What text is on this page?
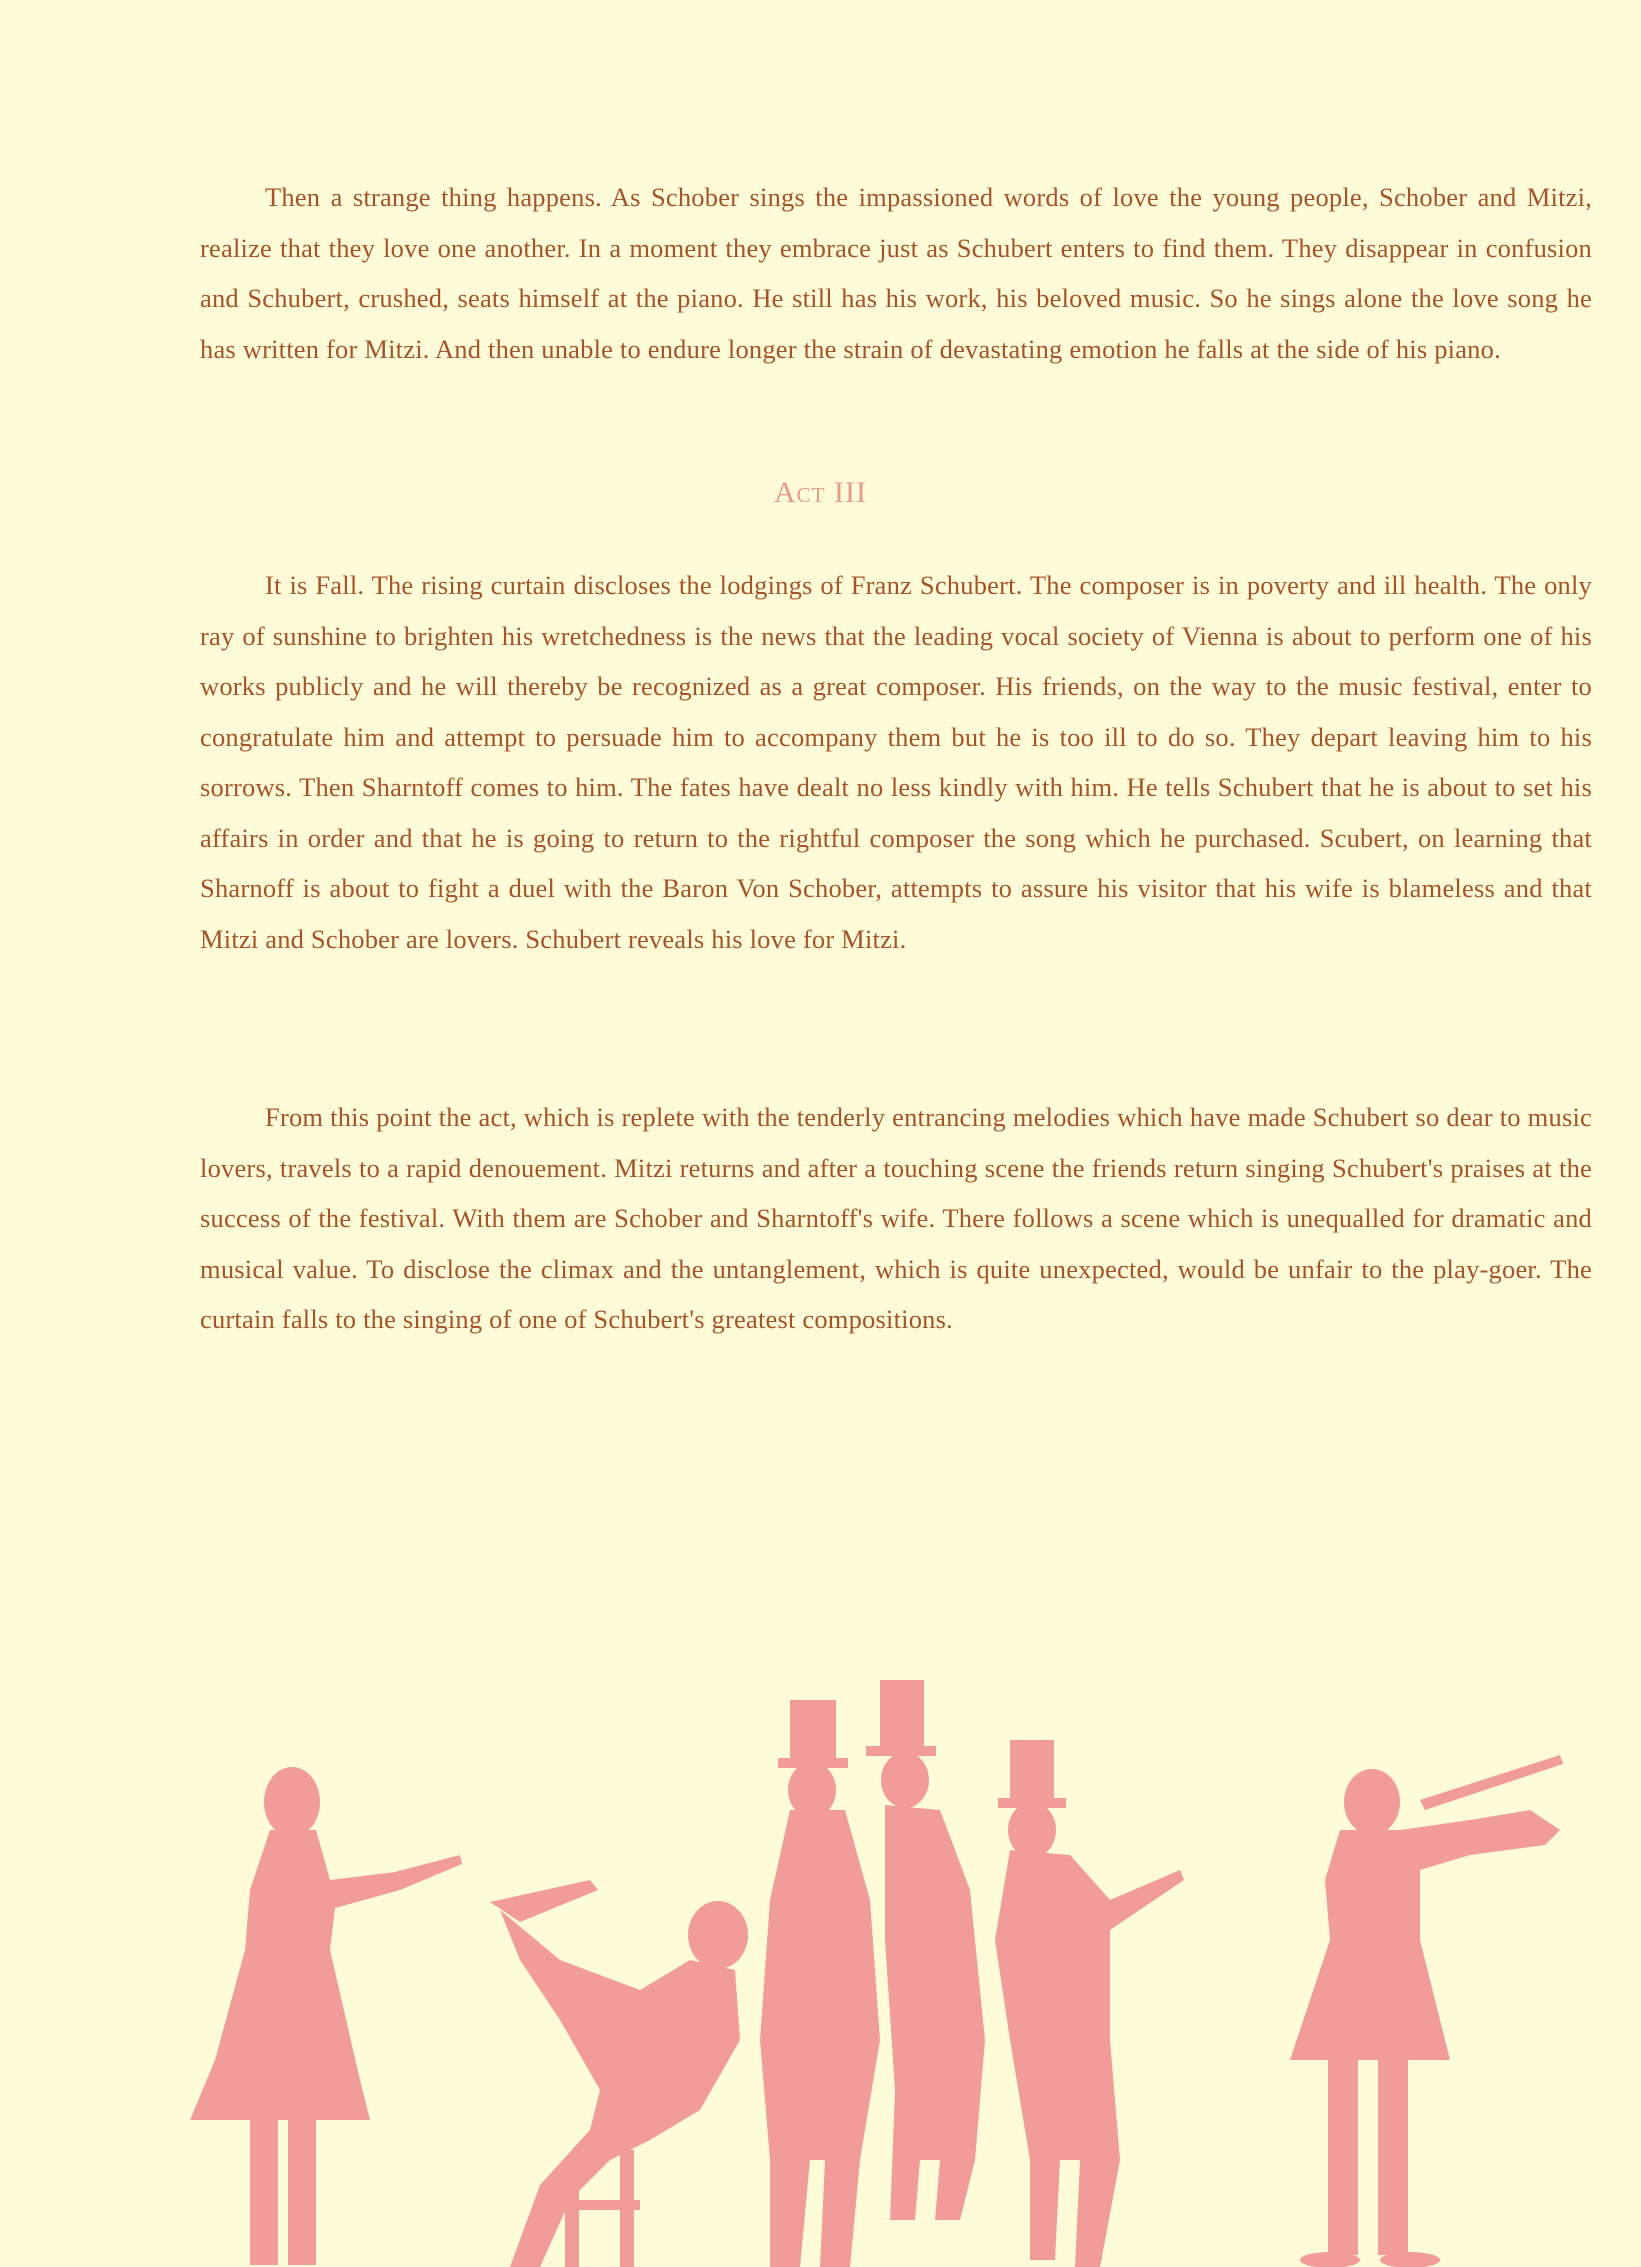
Then a strange thing happens. As Schober sings the impassioned words of love the young people, Schober and Mitzi, realize that they love one another. In a moment they embrace just as Schubert enters to find them. They disappear in confusion and Schubert, crushed, seats himself at the piano. He still has his work, his beloved music. So he sings alone the love song he has written for Mitzi. And then unable to endure longer the strain of devastating emotion he falls at the side of his piano.

Act III

It is Fall. The rising curtain discloses the lodgings of Franz Schubert. The composer is in poverty and ill health. The only ray of sunshine to brighten his wretchedness is the news that the leading vocal society of Vienna is about to perform one of his works publicly and he will thereby be recognized as a great composer. His friends, on the way to the music festival, enter to congratulate him and attempt to persuade him to accompany them but he is too ill to do so. They depart leaving him to his sorrows. Then Sharntoff comes to him. The fates have dealt no less kindly with him. He tells Schubert that he is about to set his affairs in order and that he is going to return to the rightful composer the song which he purchased. Scubert, on learning that Sharnoff is about to fight a duel with the Baron Von Schober, attempts to assure his visitor that his wife is blameless and that Mitzi and Schober are lovers. Schubert reveals his love for Mitzi.

From this point the act, which is replete with the tenderly entrancing melodies which have made Schubert so dear to music lovers, travels to a rapid denouement. Mitzi returns and after a touching scene the friends return singing Schubert's praises at the success of the festival. With them are Schober and Sharntoff's wife. There follows a scene which is unequalled for dramatic and musical value. To disclose the climax and the untanglement, which is quite unexpected, would be unfair to the play-goer. The curtain falls to the singing of one of Schubert's greatest compositions.
